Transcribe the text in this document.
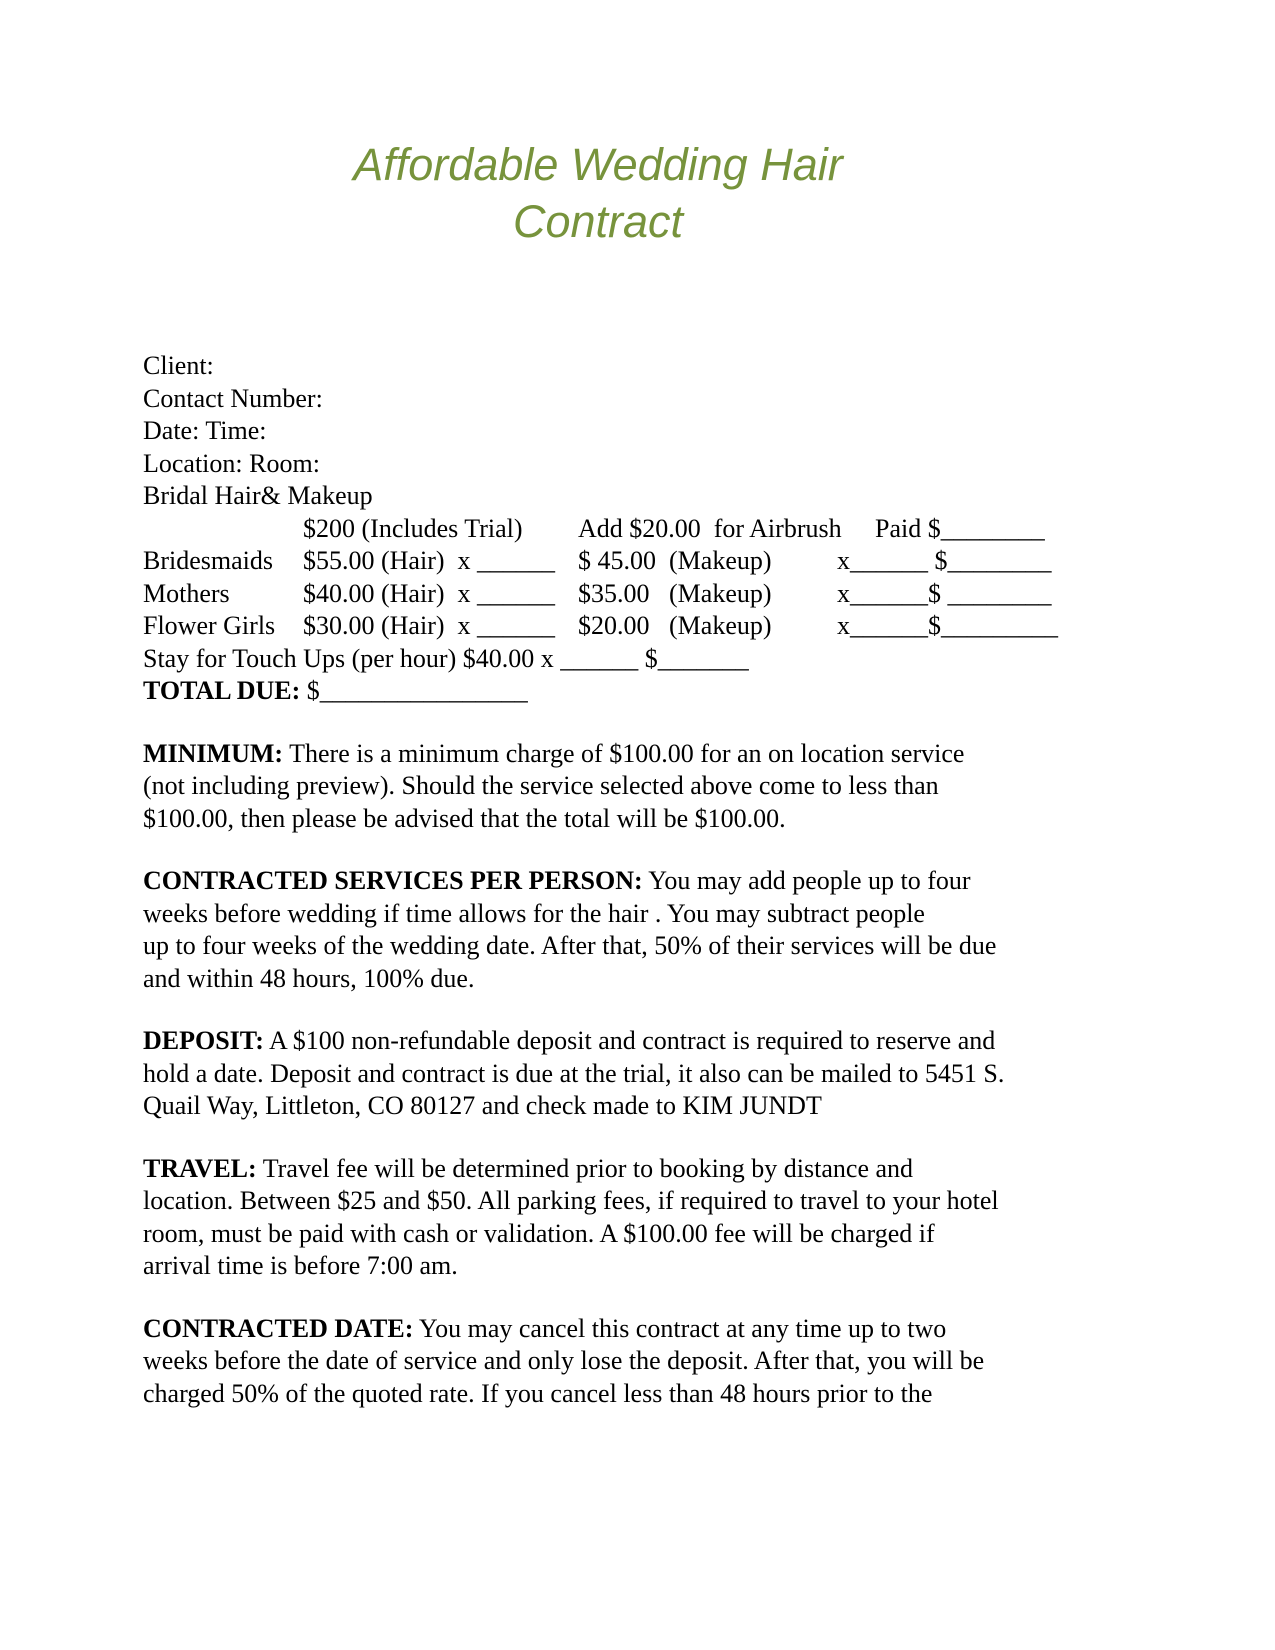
Affordable Wedding Hair
Contract
Client:
Contact Number:
Date: Time:
Location: Room:
Bridal Hair& Makeup
$200 (Includes Trial)	Add $20.00  for Airbrush	Paid $________
Bridesmaids	$55.00 (Hair)  x ______ $ 45.00  (Makeup)	x______ $________
Mothers	$40.00 (Hair)  x ______ $35.00   (Makeup)	x______$ ________
Flower Girls	$30.00 (Hair)  x ______ $20.00   (Makeup)	x______$_________
Stay for Touch Ups (per hour) $40.00 x ______ $_______
TOTAL DUE: $________________

MINIMUM: There is a minimum charge of $100.00 for an on location service
(not including preview). Should the service selected above come to less than
$100.00, then please be advised that the total will be $100.00.

CONTRACTED SERVICES PER PERSON: You may add people up to four
weeks before wedding if time allows for the hair . You may subtract people
up to four weeks of the wedding date. After that, 50% of their services will be due
and within 48 hours, 100% due.

DEPOSIT: A $100 non-refundable deposit and contract is required to reserve and
hold a date. Deposit and contract is due at the trial, it also can be mailed to 5451 S.
Quail Way, Littleton, CO 80127 and check made to KIM JUNDT

TRAVEL: Travel fee will be determined prior to booking by distance and
location. Between $25 and $50. All parking fees, if required to travel to your hotel
room, must be paid with cash or validation. A $100.00 fee will be charged if
arrival time is before 7:00 am.

CONTRACTED DATE: You may cancel this contract at any time up to two
weeks before the date of service and only lose the deposit. After that, you will be
charged 50% of the quoted rate. If you cancel less than 48 hours prior to the
